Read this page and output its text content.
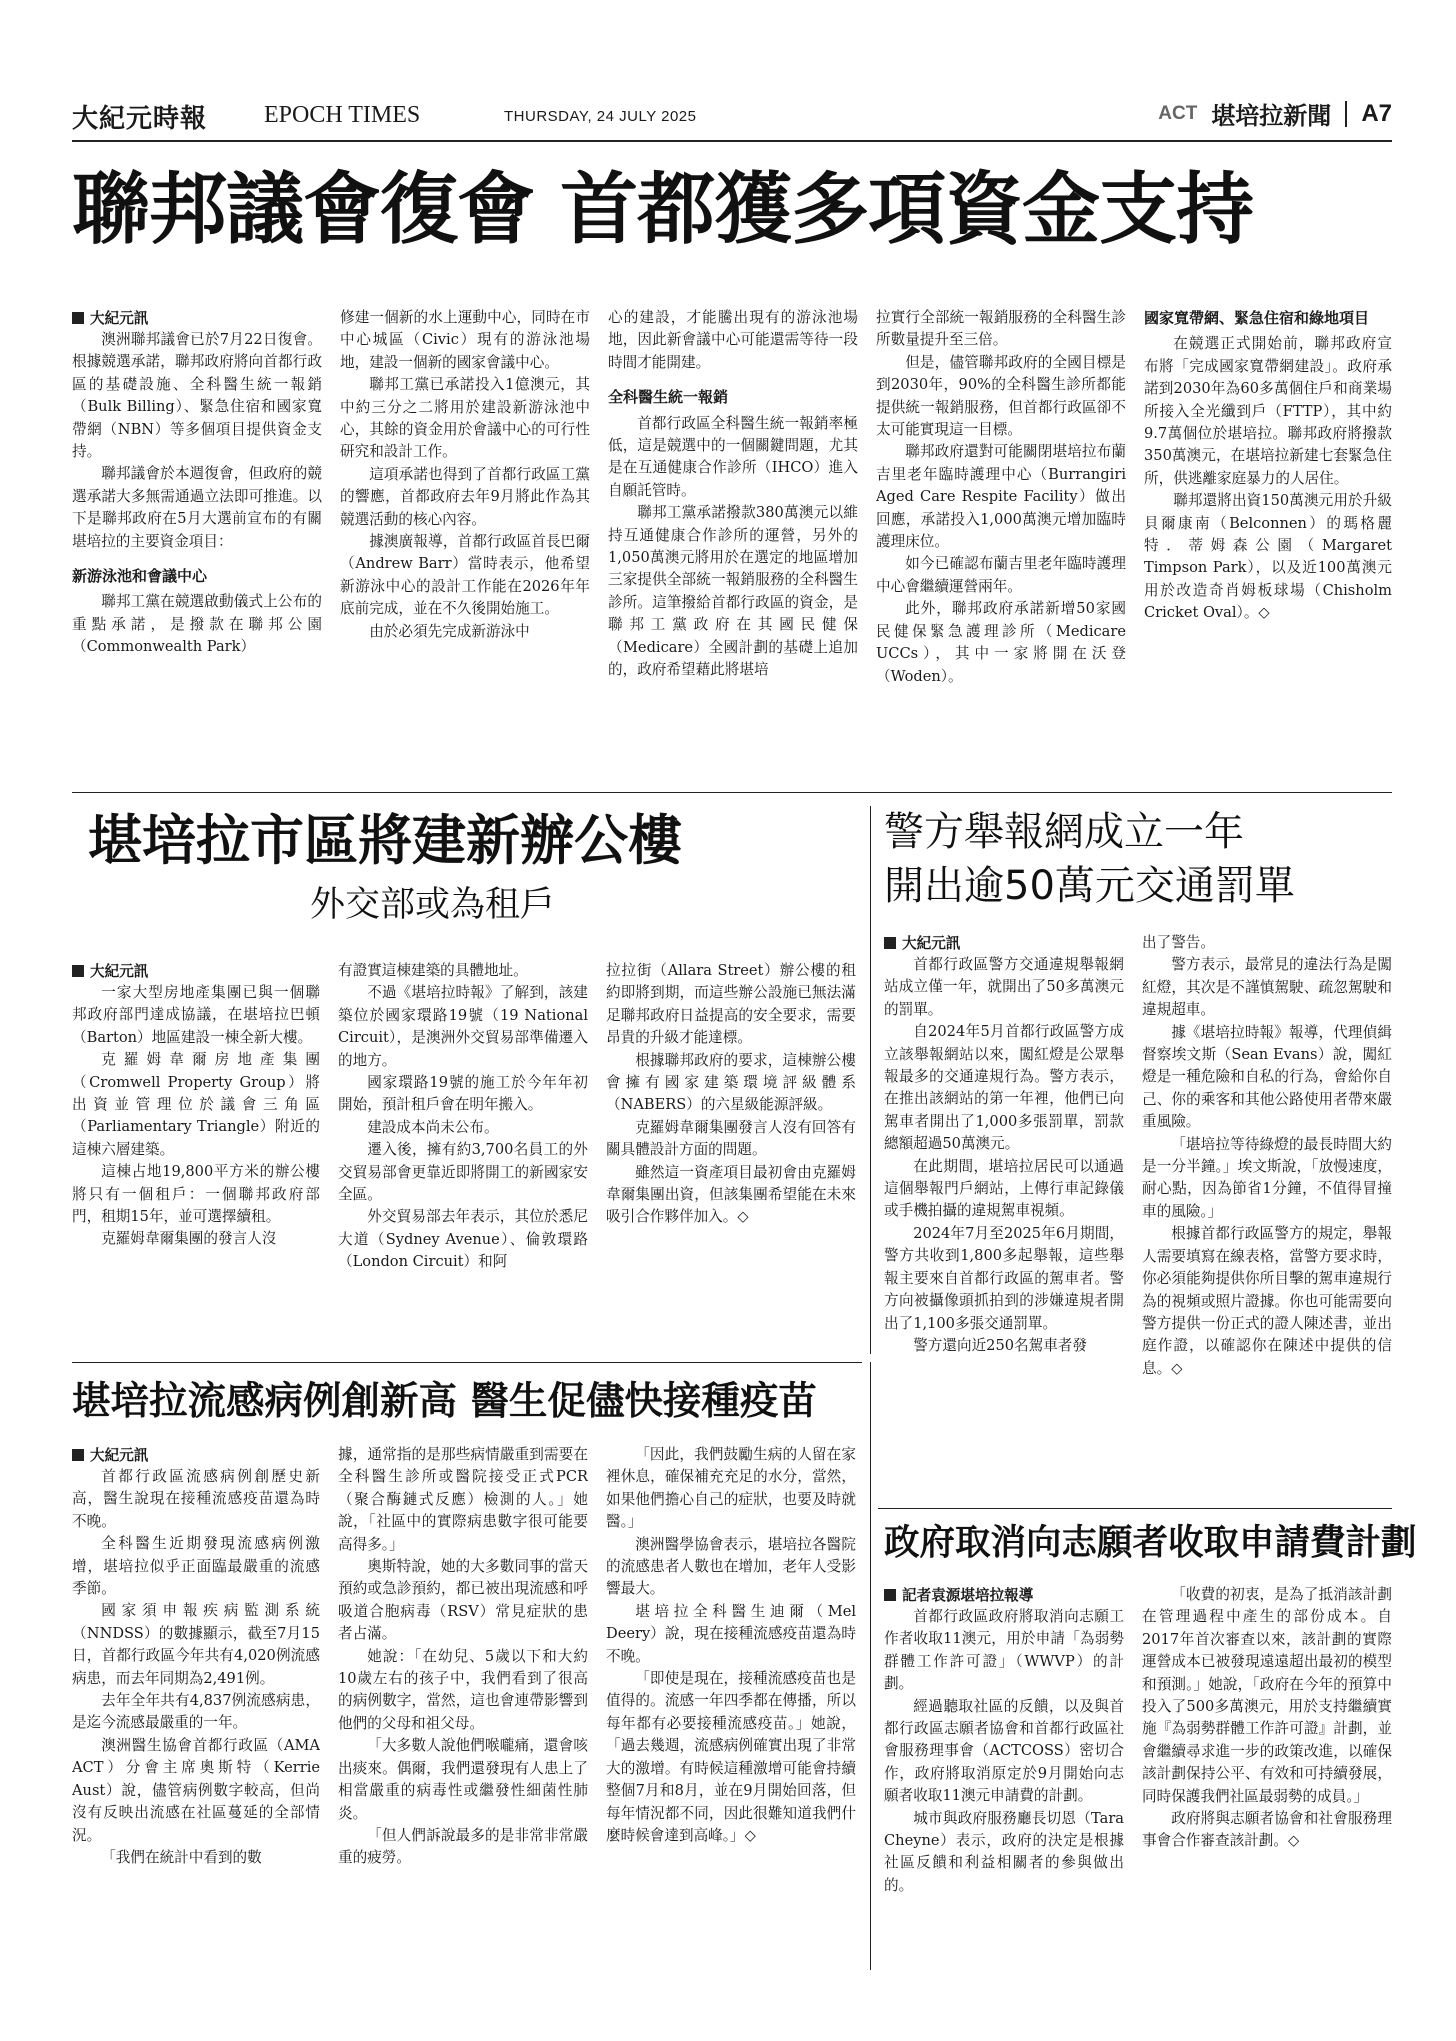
大紀元時報 EPOCH TIMES	THURSDAY, 24 JULY 2025	ACT 堪培拉新聞 A7
聯邦議會復會 首都獲多項資金支持
大紀元訊

澳洲聯邦議會已於7月22日復會。根據競選承諾，聯邦政府將向首都行政區的基礎設施、全科醫生統一報銷（Bulk Billing）、緊急住宿和國家寬帶網（NBN）等多個項目提供資金支持。

聯邦議會於本週復會，但政府的競選承諾大多無需通過立法即可推進。以下是聯邦政府在5月大選前宣布的有關堪培拉的主要資金項目：

新游泳池和會議中心

聯邦工黨在競選啟動儀式上公布的重點承諾，是撥款在聯邦公園（Commonwealth Park）

修建一個新的水上運動中心，同時在市中心城區（Civic）現有的游泳池場地，建設一個新的國家會議中心。

聯邦工黨已承諾投入1億澳元，其中約三分之二將用於建設新游泳池中心，其餘的資金用於會議中心的可行性研究和設計工作。

這項承諾也得到了首都行政區工黨的響應，首都政府去年9月將此作為其競選活動的核心內容。

據澳廣報導，首都行政區首長巴爾（Andrew Barr）當時表示，他希望新游泳中心的設計工作能在2026年年底前完成，並在不久後開始施工。

由於必須先完成新游泳中

心的建設，才能騰出現有的游泳池場地，因此新會議中心可能還需等待一段時間才能開建。

全科醫生統一報銷

首都行政區全科醫生統一報銷率極低，這是競選中的一個關鍵問題，尤其是在互通健康合作診所（IHCO）進入自願託管時。

聯邦工黨承諾撥款380萬澳元以維持互通健康合作診所的運營，另外的1,050萬澳元將用於在選定的地區增加三家提供全部統一報銷服務的全科醫生診所。這筆撥給首都行政區的資金，是聯邦工黨政府在其國民健保（Medicare）全國計劃的基礎上追加的，政府希望藉此將堪培

拉實行全部統一報銷服務的全科醫生診所數量提升至三倍。

但是，儘管聯邦政府的全國目標是到2030年，90%的全科醫生診所都能提供統一報銷服務，但首都行政區卻不太可能實現這一目標。

聯邦政府還對可能關閉堪培拉布蘭吉里老年臨時護理中心（Burrangiri Aged Care Respite Facility）做出回應，承諾投入1,000萬澳元增加臨時護理床位。

如今已確認布蘭吉里老年臨時護理中心會繼續運營兩年。

此外，聯邦政府承諾新增50家國民健保緊急護理診所（Medicare UCCs），其中一家將開在沃登（Woden）。

國家寬帶網、緊急住宿和綠地項目

在競選正式開始前，聯邦政府宣布將「完成國家寬帶網建設」。政府承諾到2030年為60多萬個住戶和商業場所接入全光纖到戶（FTTP），其中約9.7萬個位於堪培拉。聯邦政府將撥款350萬澳元，在堪培拉新建七套緊急住所，供逃離家庭暴力的人居住。

聯邦還將出資150萬澳元用於升級貝爾康南（Belconnen）的瑪格麗特．蒂姆森公園（Margaret Timpson Park），以及近100萬澳元用於改造奇肖姆板球場（Chisholm Cricket Oval）。◇

堪培拉市區將建新辦公樓
外交部或為租戶
大紀元訊

一家大型房地產集團已與一個聯邦政府部門達成協議，在堪培拉巴頓（Barton）地區建設一棟全新大樓。

克羅姆韋爾房地產集團（Cromwell Property Group）將出資並管理位於議會三角區（Parliamentary Triangle）附近的這棟六層建築。

這棟占地19,800平方米的辦公樓將只有一個租戶：一個聯邦政府部門，租期15年，並可選擇續租。

克羅姆韋爾集團的發言人沒

有證實這棟建築的具體地址。

不過《堪培拉時報》了解到，該建築位於國家環路19號（19 National Circuit），是澳洲外交貿易部準備遷入的地方。

國家環路19號的施工於今年年初開始，預計租戶會在明年搬入。

建設成本尚未公布。

遷入後，擁有約3,700名員工的外交貿易部會更靠近即將開工的新國家安全區。

外交貿易部去年表示，其位於悉尼大道（Sydney Avenue）、倫敦環路（London Circuit）和阿

拉拉街（Allara Street）辦公樓的租約即將到期，而這些辦公設施已無法滿足聯邦政府日益提高的安全要求，需要昂貴的升級才能達標。

根據聯邦政府的要求，這棟辦公樓會擁有國家建築環境評級體系（NABERS）的六星級能源評級。

克羅姆韋爾集團發言人沒有回答有關具體設計方面的問題。

雖然這一資產項目最初會由克羅姆韋爾集團出資，但該集團希望能在未來吸引合作夥伴加入。◇

警方舉報網成立一年
開出逾50萬元交通罰單
大紀元訊

首都行政區警方交通違規舉報網站成立僅一年，就開出了50多萬澳元的罰單。

自2024年5月首都行政區警方成立該舉報網站以來，闖紅燈是公眾舉報最多的交通違規行為。警方表示，在推出該網站的第一年裡，他們已向駕車者開出了1,000多張罰單，罰款總額超過50萬澳元。

在此期間，堪培拉居民可以通過這個舉報門戶網站，上傳行車記錄儀或手機拍攝的違規駕車視頻。

2024年7月至2025年6月期間，警方共收到1,800多起舉報，這些舉報主要來自首都行政區的駕車者。警方向被攝像頭抓拍到的涉嫌違規者開出了1,100多張交通罰單。

警方還向近250名駕車者發

出了警告。

警方表示，最常見的違法行為是闖紅燈，其次是不謹慎駕駛、疏忽駕駛和違規超車。

據《堪培拉時報》報導，代理偵緝督察埃文斯（Sean Evans）說，闖紅燈是一種危險和自私的行為，會給你自己、你的乘客和其他公路使用者帶來嚴重風險。

「堪培拉等待綠燈的最長時間大約是一分半鐘。」埃文斯說，「放慢速度，耐心點，因為節省1分鐘，不值得冒撞車的風險。」

根據首都行政區警方的規定，舉報人需要填寫在線表格，當警方要求時，你必須能夠提供你所目擊的駕車違規行為的視頻或照片證據。你也可能需要向警方提供一份正式的證人陳述書，並出庭作證，以確認你在陳述中提供的信息。◇

堪培拉流感病例創新高 醫生促儘快接種疫苗
大紀元訊

首都行政區流感病例創歷史新高，醫生說現在接種流感疫苗還為時不晚。

全科醫生近期發現流感病例激增，堪培拉似乎正面臨最嚴重的流感季節。

國家須申報疾病監測系統（NNDSS）的數據顯示，截至7月15日，首都行政區今年共有4,020例流感病患，而去年同期為2,491例。

去年全年共有4,837例流感病患，是迄今流感最嚴重的一年。

澳洲醫生協會首都行政區（AMA ACT）分會主席奧斯特（Kerrie Aust）說，儘管病例數字較高，但尚沒有反映出流感在社區蔓延的全部情況。

「我們在統計中看到的數

據，通常指的是那些病情嚴重到需要在全科醫生診所或醫院接受正式PCR（聚合酶鏈式反應）檢測的人。」她說，「社區中的實際病患數字很可能要高得多。」

奧斯特說，她的大多數同事的當天預約或急診預約，都已被出現流感和呼吸道合胞病毒（RSV）常見症狀的患者占滿。

她說：「在幼兒、5歲以下和大約10歲左右的孩子中，我們看到了很高的病例數字，當然，這也會連帶影響到他們的父母和祖父母。

「大多數人說他們喉嚨痛，還會咳出痰來。偶爾，我們還發現有人患上了相當嚴重的病毒性或繼發性細菌性肺炎。

「但人們訴說最多的是非常非常嚴重的疲勞。

「因此，我們鼓勵生病的人留在家裡休息，確保補充充足的水分，當然，如果他們擔心自己的症狀，也要及時就醫。」

澳洲醫學協會表示，堪培拉各醫院的流感患者人數也在增加，老年人受影響最大。

堪培拉全科醫生迪爾（Mel Deery）說，現在接種流感疫苗還為時不晚。

「即使是現在，接種流感疫苗也是值得的。流感一年四季都在傳播，所以每年都有必要接種流感疫苗。」她說，「過去幾週，流感病例確實出現了非常大的激增。有時候這種激增可能會持續整個7月和8月，並在9月開始回落，但每年情況都不同，因此很難知道我們什麼時候會達到高峰。」◇

政府取消向志願者收取申請費計劃
記者袁源堪培拉報導

首都行政區政府將取消向志願工作者收取11澳元，用於申請「為弱勢群體工作許可證」（WWVP）的計劃。

經過聽取社區的反饋，以及與首都行政區志願者協會和首都行政區社會服務理事會（ACTCOSS）密切合作，政府將取消原定於9月開始向志願者收取11澳元申請費的計劃。

城市與政府服務廳長切恩（Tara Cheyne）表示，政府的決定是根據社區反饋和利益相關者的參與做出的。

「收費的初衷，是為了抵消該計劃在管理過程中產生的部份成本。自2017年首次審查以來，該計劃的實際運營成本已被發現遠遠超出最初的模型和預測。」她說，「政府在今年的預算中投入了500多萬澳元，用於支持繼續實施『為弱勢群體工作許可證』計劃，並會繼續尋求進一步的政策改進，以確保該計劃保持公平、有效和可持續發展，同時保護我們社區最弱勢的成員。」

政府將與志願者協會和社會服務理事會合作審查該計劃。◇
